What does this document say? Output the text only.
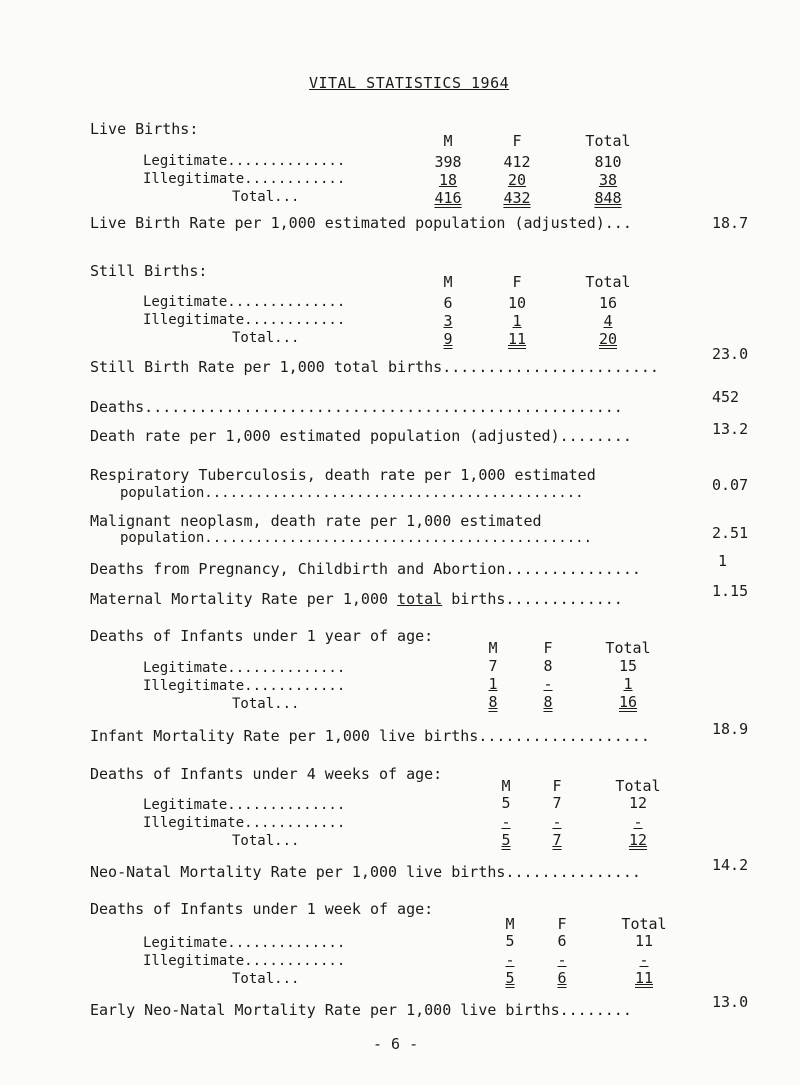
VITAL STATISTICS 1964
Live Births:
M	F	Total
Legitimate..............	398	412	810
Illegitimate............	18	20	38
Total...	416	432	848
Live Birth Rate per 1,000 estimated population (adjusted)...	18.7
Still Births:
M	F	Total
Legitimate..............	6	10	16
Illegitimate............	3	1	4
Total...	9	11	20
Still Birth Rate per 1,000 total births........................
23.0
Deaths.....................................................
452
Death rate per 1,000 estimated population (adjusted)........	13.2
Respiratory Tuberculosis, death rate per 1,000 estimated
population.............................................	0.07
Malignant neoplasm, death rate per 1,000 estimated
population..............................................	2.51
Deaths from Pregnancy, Childbirth and Abortion...............	1
Maternal Mortality Rate per 1,000 total births.............	1.15
Deaths of Infants under 1 year of age:
M	F	Total
Legitimate..............	7	8	15
Illegitimate............	1	-	1
Total...	8	8	16
Infant Mortality Rate per 1,000 live births...................	18.9
Deaths of Infants under 4 weeks of age:
M	F	Total
Legitimate..............	5	7	12
Illegitimate............	-	-	-
Total...	5	7	12
Neo-Natal Mortality Rate per 1,000 live births...............	14.2
Deaths of Infants under 1 week of age:
M	F	Total
Legitimate..............	5	6	11
Illegitimate............	-	-	-
Total...	5	6	11
Early Neo-Natal Mortality Rate per 1,000 live births........	13.0
- 6 -
